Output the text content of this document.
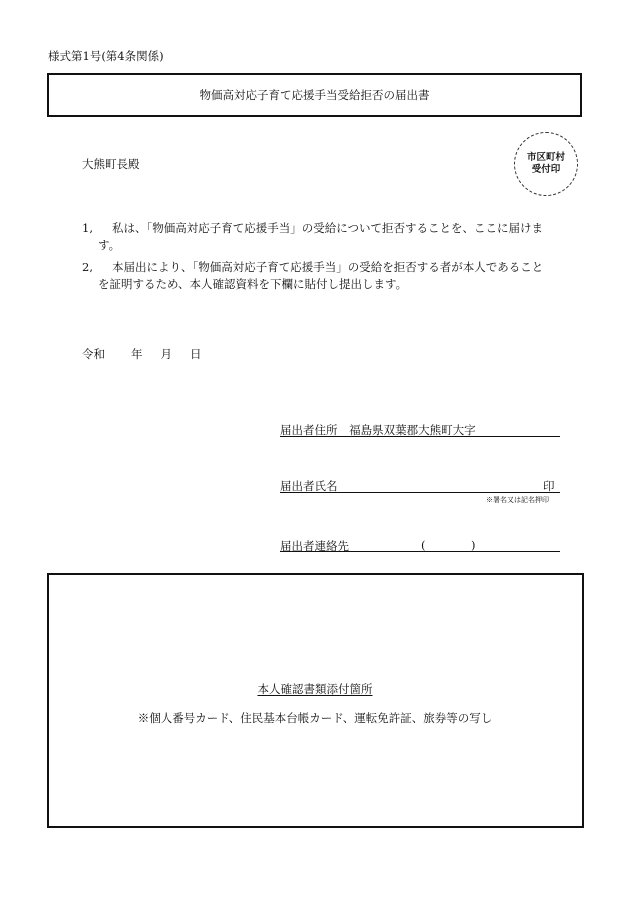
様式第1号(第4条関係)
物価高対応子育て応援手当受給拒否の届出書
大熊町長殿	市区町村
受付印
1, 私は、「物価高対応子育て応援手当」の受給について拒否することを、ここに届けま
す。
2, 本届出により、「物価高対応子育て応援手当」の受給を拒否する者が本人であること
を証明するため、本人確認資料を下欄に貼付し提出します。
令和 年 月 日
届出者住所 福島県双葉郡大熊町大字
届出者氏名	印
※署名又は記名押印
届出者連絡先	(	)
本人確認書類添付箇所
※個人番号カード、住民基本台帳カード、運転免許証、旅券等の写し
